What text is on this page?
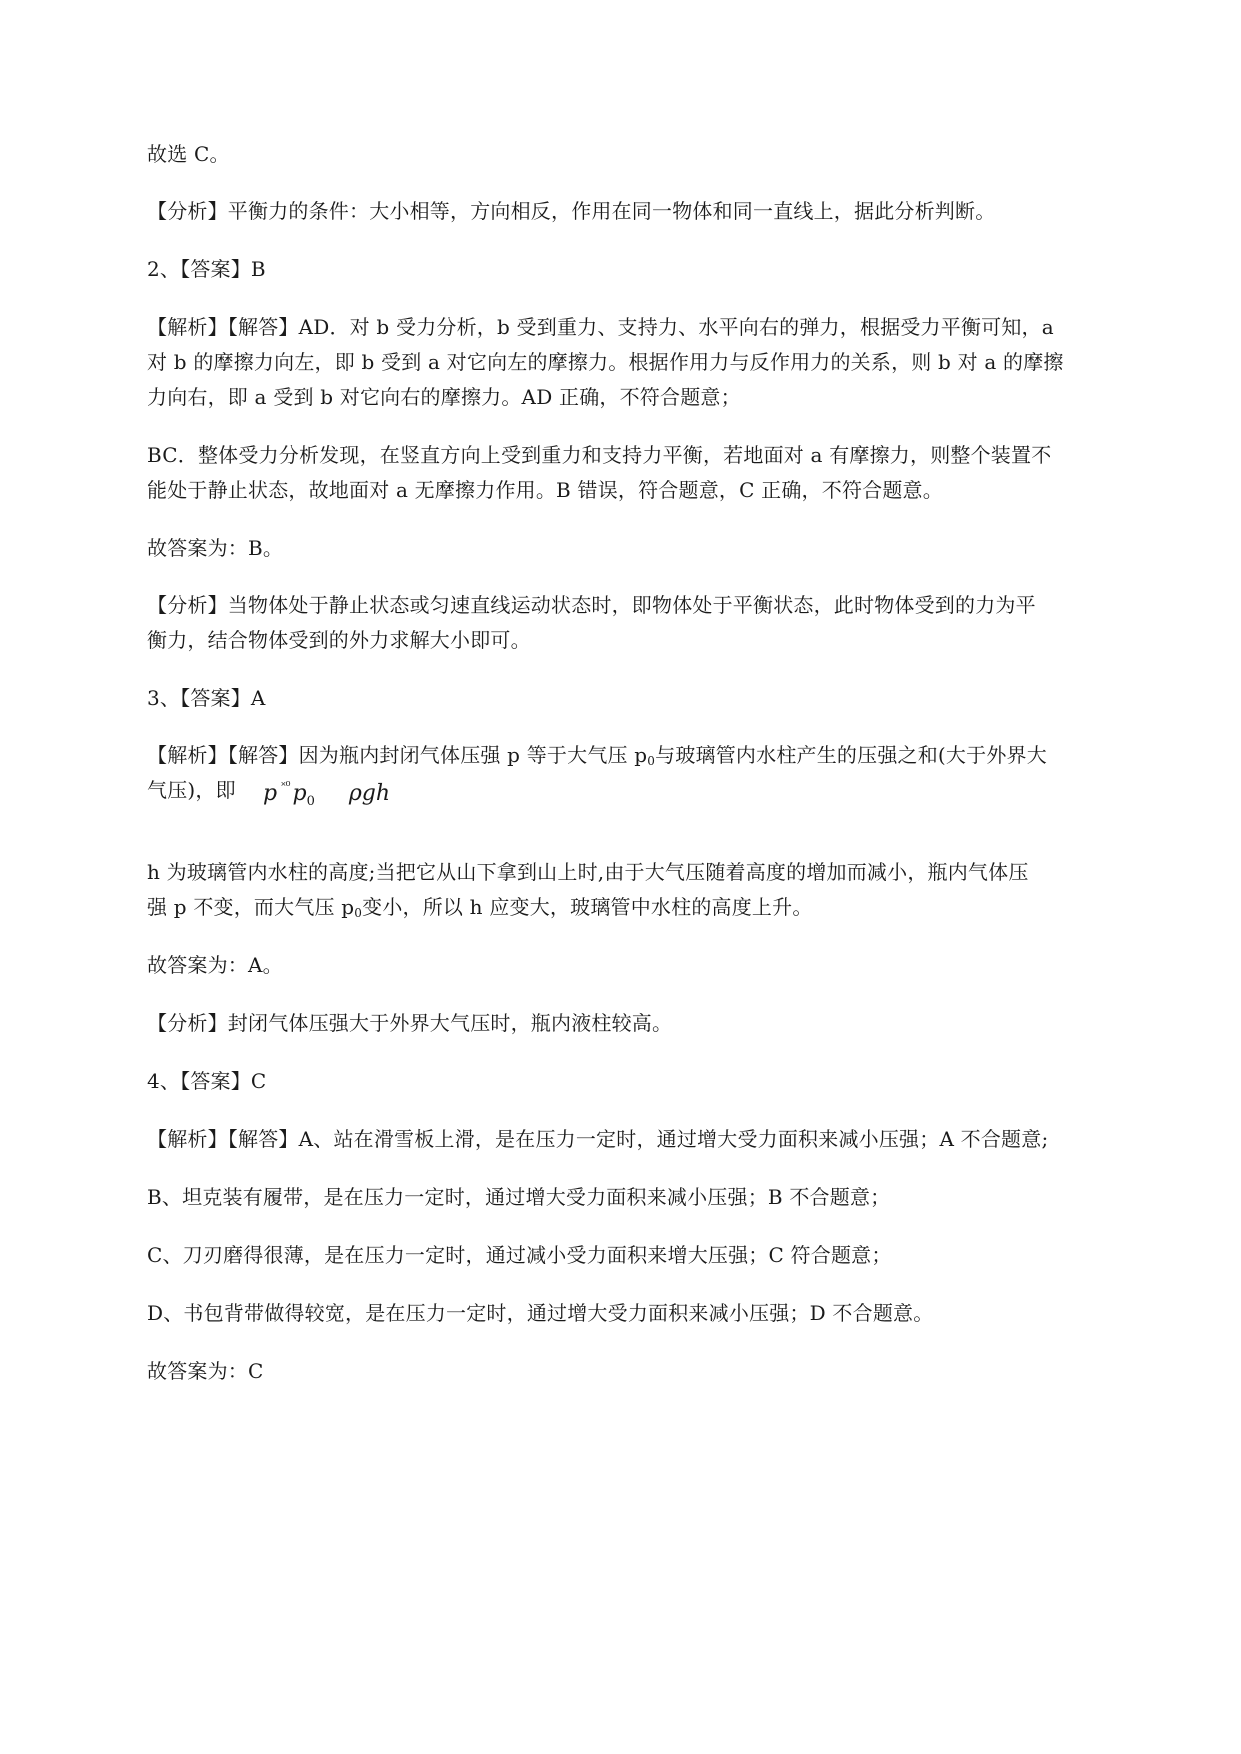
故选 C。
【分析】平衡力的条件：大小相等，方向相反，作用在同一物体和同一直线上，据此分析判断。
2、【答案】B
【解析】【解答】AD．对 b 受力分析，b 受到重力、支持力、水平向右的弹力，根据受力平衡可知，a
对 b 的摩擦力向左，即 b 受到 a 对它向左的摩擦力。根据作用力与反作用力的关系，则 b 对 a 的摩擦
力向右，即 a 受到 b 对它向右的摩擦力。AD 正确，不符合题意；
BC．整体受力分析发现，在竖直方向上受到重力和支持力平衡，若地面对 a 有摩擦力，则整个装置不
能处于静止状态，故地面对 a 无摩擦力作用。B 错误，符合题意，C 正确，不符合题意。
故答案为：B。
【分析】当物体处于静止状态或匀速直线运动状态时，即物体处于平衡状态，此时物体受到的力为平
衡力，结合物体受到的外力求解大小即可。
3、【答案】A
【解析】【解答】因为瓶内封闭气体压强 p 等于大气压 $p_0$与玻璃管内水柱产生的压强之和(大于外界大
气压)，即	p $^{˟^0}p_0$ ρgh
h 为玻璃管内水柱的高度;当把它从山下拿到山上时,由于大气压随着高度的增加而减小，瓶内气体压
强 p 不变，而大气压 $p_0$变小，所以 h 应变大，玻璃管中水柱的高度上升。
故答案为：A。
【分析】封闭气体压强大于外界大气压时，瓶内液柱较高。
4、【答案】C
【解析】【解答】A、站在滑雪板上滑，是在压力一定时，通过增大受力面积来减小压强；A 不合题意;
B、坦克装有履带，是在压力一定时，通过增大受力面积来减小压强；B 不合题意；
C、刀刃磨得很薄，是在压力一定时，通过减小受力面积来增大压强；C 符合题意；
D、书包背带做得较宽，是在压力一定时，通过增大受力面积来减小压强；D 不合题意。
故答案为：C
